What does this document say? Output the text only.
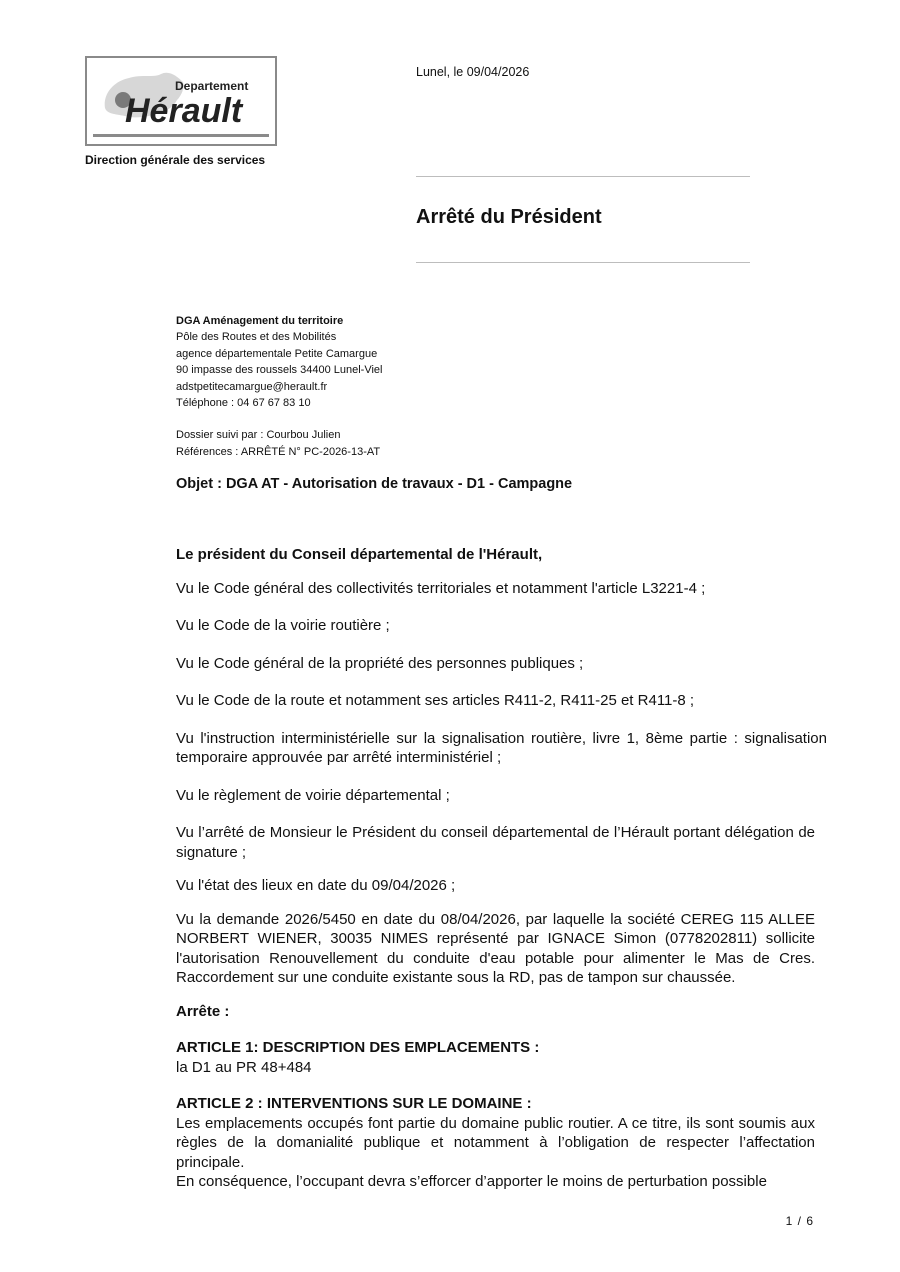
Departement
Hérault
Direction générale des services
Lunel, le 09/04/2026
Arrêté du Président
DGA Aménagement du territoire
Pôle des Routes et des Mobilités
agence départementale Petite Camargue
90 impasse des roussels 34400 Lunel-Viel
adstpetitecamargue@herault.fr
Téléphone : 04 67 67 83 10
Dossier suivi par : Courbou Julien
Références : ARRÊTÉ N° PC-2026-13-AT
Objet : DGA AT - Autorisation de travaux - D1 - Campagne

Le président du Conseil départemental de l'Hérault,

Vu le Code général des collectivités territoriales et notamment l'article L3221-4 ;

Vu le Code de la voirie routière ;

Vu le Code général de la propriété des personnes publiques ;

Vu le Code de la route et notamment ses articles R411-2, R411-25 et R411-8 ;

Vu l'instruction interministérielle sur la signalisation routière, livre 1, 8ème partie : signalisation temporaire approuvée par arrêté interministériel ;

Vu le règlement de voirie départemental ;

Vu l’arrêté de Monsieur le Président du conseil départemental de l’Hérault portant délégation de signature ;

Vu l'état des lieux en date du 09/04/2026 ;

Vu la demande 2026/5450 en date du 08/04/2026, par laquelle la société CEREG 115 ALLEE NORBERT WIENER, 30035 NIMES représenté par IGNACE Simon (0778202811) sollicite l'autorisation Renouvellement du conduite d'eau potable pour alimenter le Mas de Cres. Raccordement sur une conduite existante sous la RD, pas de tampon sur chaussée.

Arrête :

ARTICLE 1: DESCRIPTION DES EMPLACEMENTS :

la D1 au PR 48+484

ARTICLE 2 : INTERVENTIONS SUR LE DOMAINE :

Les emplacements occupés font partie du domaine public routier. A ce titre, ils sont soumis aux règles de la domanialité publique et notamment à l’obligation de respecter l’affectation principale.

En conséquence, l’occupant devra s’efforcer d’apporter le moins de perturbation possible

1 / 6
